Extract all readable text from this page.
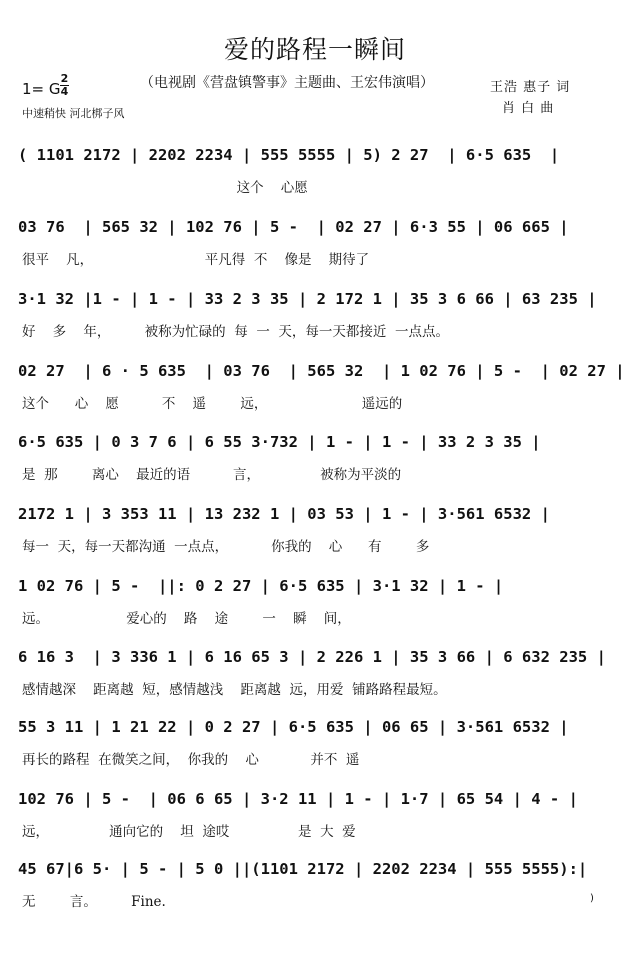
爱的路程一瞬间
（电视剧《营盘镇警事》主题曲、王宏伟演唱）	王浩 惠子 词
肖 白 曲
1= G
2
4
中速稍快 河北梆子风
( 1101 2172 | 2202 2234 | 555 5555 | 5) 2 27  | 6·5 635  |
这个    心愿
03 76  | 565 32 | 102 76 | 5 -  | 02 27 | 6·3 55 | 06 665 |
很平    凡，                          平凡得  不    像是    期待了
3·1 32 |1 - | 1 - | 33 2 3 35 | 2 172 1 | 35 3 6 66 | 63 235 |
好    多    年，        被称为忙碌的  每  一  天，每一天都接近  一点点。
02 27  | 6 · 5 635  | 03 76  | 565 32  | 1 02 76 | 5 -  | 02 27 |
这个      心    愿          不    遥        远，                      遥远的
6·5 635 | 0 3 7 6 | 6 55 3·732 | 1 - | 1 - | 33 2 3 35 |
是  那        离心    最近的语          言，              被称为平淡的
2172 1 | 3 353 11 | 13 232 1 | 03 53 | 1 - | 3·561 6532 |
每一  天，每一天都沟通  一点点，          你我的    心      有        多
1 02 76 | 5 -  ||: 0 2 27 | 6·5 635 | 3·1 32 | 1 - |
远。                  爱心的    路    途        一    瞬    间，
6 16 3  | 3 336 1 | 6 16 65 3 | 2 226 1 | 35 3 66 | 6 632 235 |
感情越深    距离越  短，感情越浅    距离越  远，用爱  铺路路程最短。
55 3 11 | 1 21 22 | 0 2 27 | 6·5 635 | 06 65 | 3·561 6532 |
再长的路程  在微笑之间，  你我的    心            并不  遥
102 76 | 5 -  | 06 6 65 | 3·2 11 | 1 - | 1·7 | 65 54 | 4 - |
远，              通向它的    坦  途哎                是  大  爱
45 67|6 5· | 5 - | 5 0 ||(1101 2172 | 2202 2234 | 555 5555):|
无        言。        Fine.	)
